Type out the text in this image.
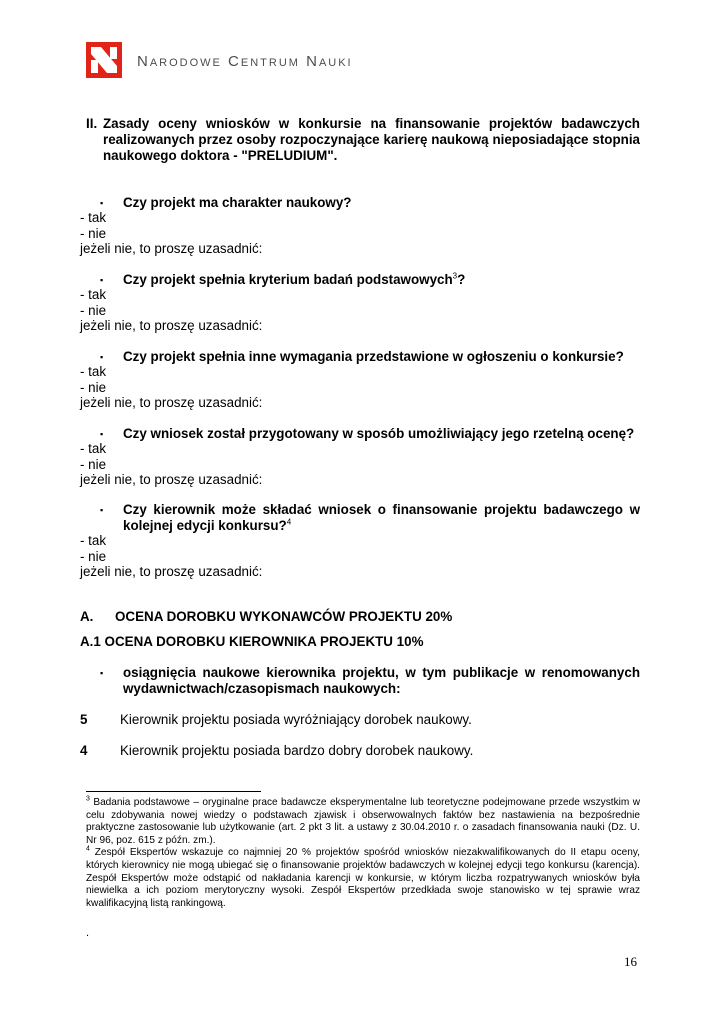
Narodowe Centrum Nauki
II. Zasady oceny wniosków w konkursie na finansowanie projektów badawczych realizowanych przez osoby rozpoczynające karierę naukową nieposiadające stopnia naukowego doktora - "PRELUDIUM".
▪	Czy projekt ma charakter naukowy?
- tak
- nie
jeżeli nie, to proszę uzasadnić:
▪	Czy projekt spełnia kryterium badań podstawowych$^3$?
- tak
- nie
jeżeli nie, to proszę uzasadnić:
▪	Czy projekt spełnia inne wymagania przedstawione w ogłoszeniu o konkursie?
- tak
- nie
jeżeli nie, to proszę uzasadnić:
▪	Czy wniosek został przygotowany w sposób umożliwiający jego rzetelną ocenę?
- tak
- nie
jeżeli nie, to proszę uzasadnić:
▪	Czy kierownik może składać wniosek o finansowanie projektu badawczego w kolejnej edycji konkursu?$^4$
- tak
- nie
jeżeli nie, to proszę uzasadnić:
A. OCENA DOROBKU WYKONAWCÓW PROJEKTU 20%
A.1 OCENA DOROBKU KIEROWNIKA PROJEKTU 10%
▪	osiągnięcia naukowe kierownika projektu, w tym publikacje w renomowanych wydawnictwach/czasopismach naukowych:
5 Kierownik projektu posiada wyróżniający dorobek naukowy.
4 Kierownik projektu posiada bardzo dobry dorobek naukowy.

$^3$ Badania podstawowe – oryginalne prace badawcze eksperymentalne lub teoretyczne podejmowane przede wszystkim w celu zdobywania nowej wiedzy o podstawach zjawisk i obserwowalnych faktów bez nastawienia na bezpośrednie praktyczne zastosowanie lub użytkowanie (art. 2 pkt 3 lit. a ustawy z 30.04.2010 r. o zasadach finansowania nauki (Dz. U. Nr 96, poz. 615 z późn. zm.).

$^4$ Zespół Ekspertów wskazuje co najmniej 20 % projektów spośród wniosków niezakwalifikowanych do II etapu oceny, których kierownicy nie mogą ubiegać się o finansowanie projektów badawczych w kolejnej edycji tego konkursu (karencja). Zespół Ekspertów może odstąpić od nakładania karencji w konkursie, w którym liczba rozpatrywanych wniosków była niewielka a ich poziom merytoryczny wysoki. Zespół Ekspertów przedkłada swoje stanowisko w tej sprawie wraz kwalifikacyjną listą rankingową.

.
16
